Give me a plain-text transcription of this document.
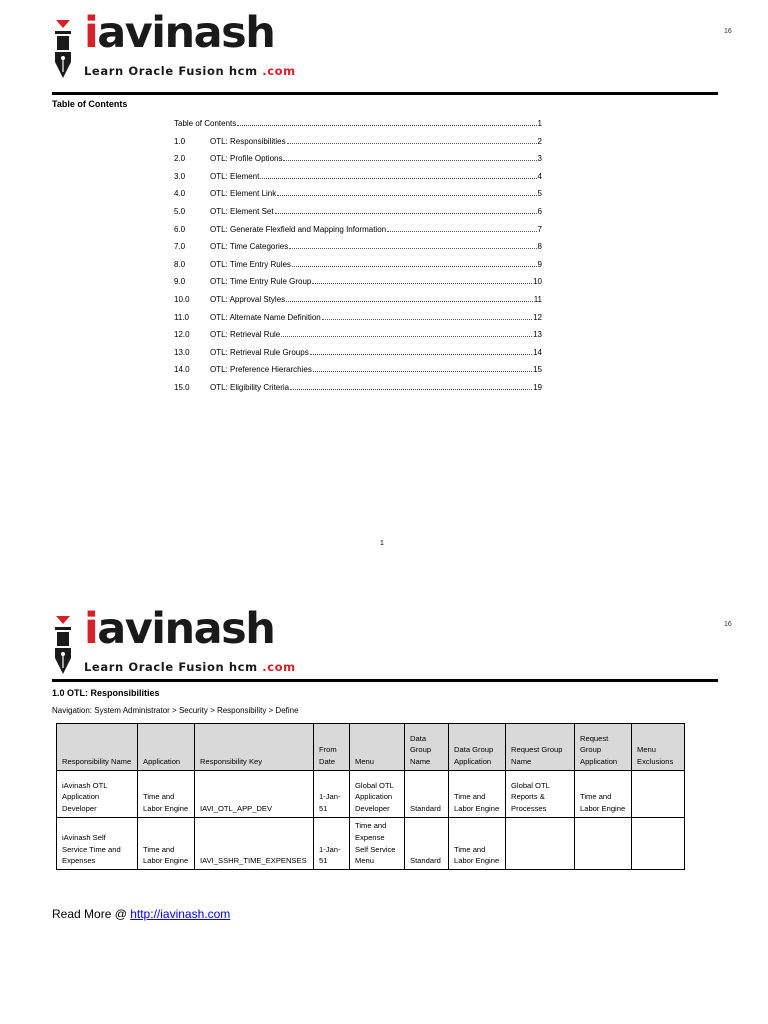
iavinash
Learn Oracle Fusion hcm .com
16
Table of Contents
Table of Contents	1
1.0	OTL: Responsibilities	2
2.0	OTL: Profile Options	3
3.0	OTL: Element	4
4.0	OTL: Element Link	5
5.0	OTL: Element Set	6
6.0	OTL: Generate Flexfield and Mapping Information	7
7.0	OTL: Time Categories	8
8.0	OTL: Time Entry Rules	9
9.0	OTL: Time Entry Rule Group	10
10.0	OTL: Approval Styles	11
11.0	OTL: Alternate Name Definition	12
12.0	OTL: Retrieval Rule	13
13.0	OTL: Retrieval Rule Groups	14
14.0	OTL: Preference Hierarchies	15
15.0	OTL: Eligibility Criteria	19
1
iavinash
Learn Oracle Fusion hcm .com
16
1.0 OTL: Responsibilities
Navigation: System Administrator > Security > Responsibility > Define
Responsibility Name	Application	Responsibility Key	From Date	Menu	Data Group Name	Data Group Application	Request Group Name	Request Group Application	Menu Exclusions
iAvinash OTL Application Developer	Time and Labor Engine	IAVI_OTL_APP_DEV	1-Jan-51	Global OTL Application Developer	Standard	Time and Labor Engine	Global OTL Reports & Processes	Time and Labor Engine	
iAvinash Self Service Time and Expenses	Time and Labor Engine	IAVI_SSHR_TIME_EXPENSES	1-Jan-51	Time and Expense Self Service Menu	Standard	Time and Labor Engine			
Read More @ http://iavinash.com
